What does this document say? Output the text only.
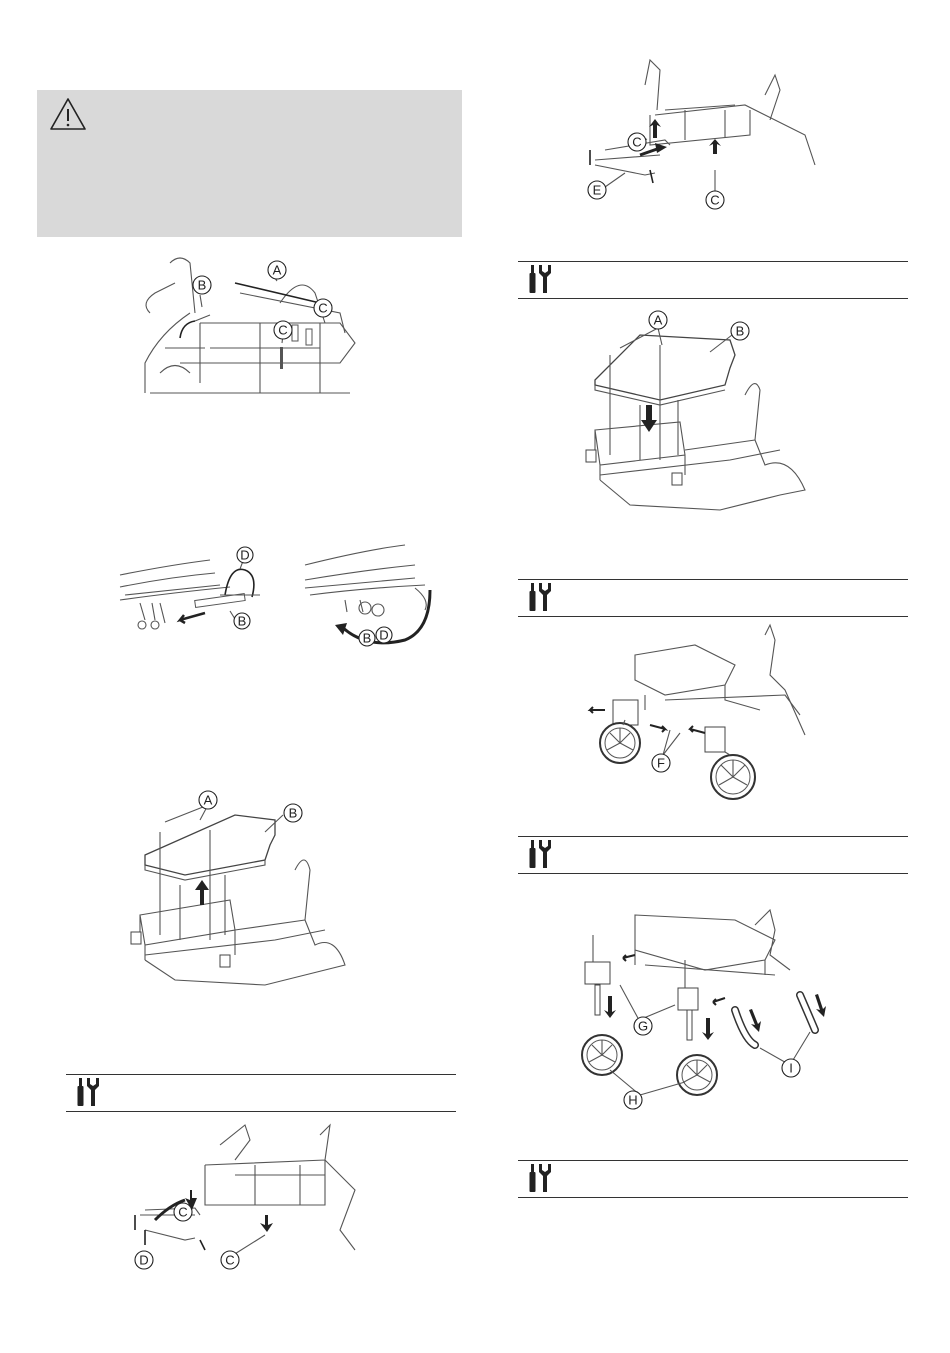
A
B
C
C
D
B
B D
A
B
C
C
D
C
C
E
A
B
F
G
H
I
